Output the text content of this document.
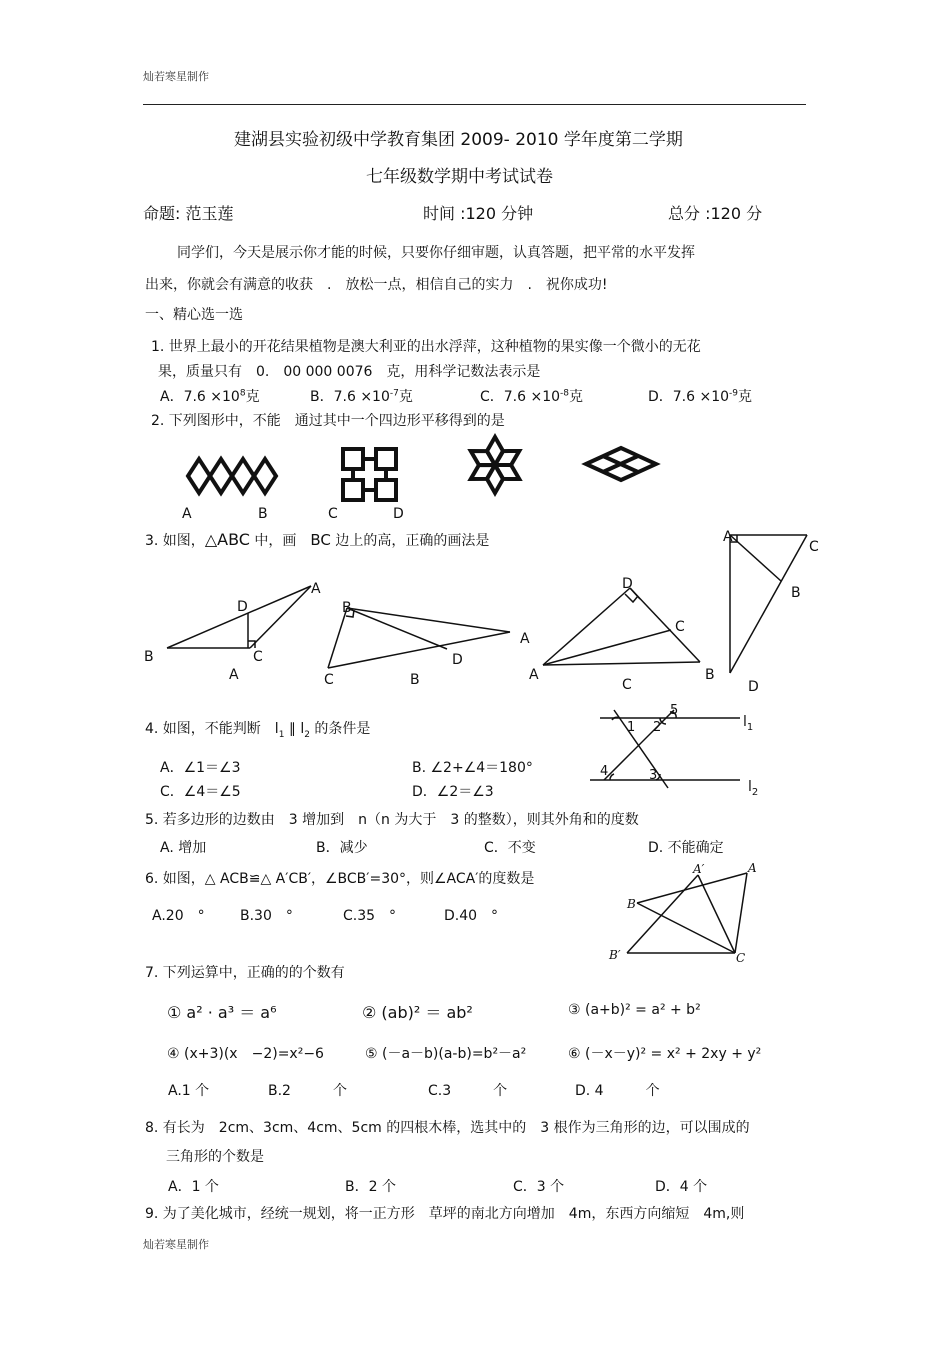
灿若寒星制作
建湖县实验初级中学教育集团 2009- 2010 学年度第二学期
七年级数学期中考试试卷
命题: 范玉莲	时间 :120 分钟	总分 :120 分
同学们，今天是展示你才能的时候，只要你仔细审题，认真答题，把平常的水平发挥
出来，你就会有满意的收获　.　放松一点，相信自己的实力　.　祝你成功!
一、精心选一选
1. 世界上最小的开花结果植物是澳大利亚的出水浮萍，这种植物的果实像一个微小的无花
果，质量只有　0.　00 000 0076　克，用科学记数法表示是
A．$7.6 \times 10^8$克	B．$7.6 \times 10^{-7}$克	C．$7.6 \times 10^{-8}$克	D．$7.6 \times 10^{-9}$克
2. 下列图形中，不能　通过其中一个四边形平移得到的是
A	B	C	D
3. 如图，△ABC 中，画　BC 边上的高，正确的画法是
B
A
D
C
A
B
A
C
D
B
D
C
A	B
C
A
C
B
D
4. 如图，不能判断　$l_1$ ∥ $l_2$ 的条件是
A．∠1＝∠3	B. ∠2+∠4＝180°
C．∠4＝∠5	D．∠2＝∠3
1 2
3
4
5
$l_1$
$l_2$
5. 若多边形的边数由　3 增加到　n（n 为大于　3 的整数），则其外角和的度数
A. 增加	B．减少	C．不变	D. 不能确定
6. 如图，△ ACB≌△ A′CB′，∠BCB′=30°，则∠ACA′的度数是
A.20　°	B.30　°	C.35　°	D.40　°
A′	A
B
B′	C
7. 下列运算中，正确的的个数有
① a² · a³ ＝ a⁶	② (ab)² ＝ ab²	③ (a+b)² = a² + b²
④ (x+3)(x　−2)=x²−6	⑤ (－a－b)(a-b)=b²－a²	⑥ (－x－y)² = x² + 2xy + y²
A.1 个	B.2　　　个	C.3　　　个	D. 4　　　个
8. 有长为　2cm、3cm、4cm、5cm 的四根木棒，选其中的　3 根作为三角形的边，可以围成的
三角形的个数是
A．1 个	B．2 个	C．3 个	D．4 个
9. 为了美化城市，经统一规划，将一正方形　草坪的南北方向增加　4m，东西方向缩短　4m,则
灿若寒星制作
